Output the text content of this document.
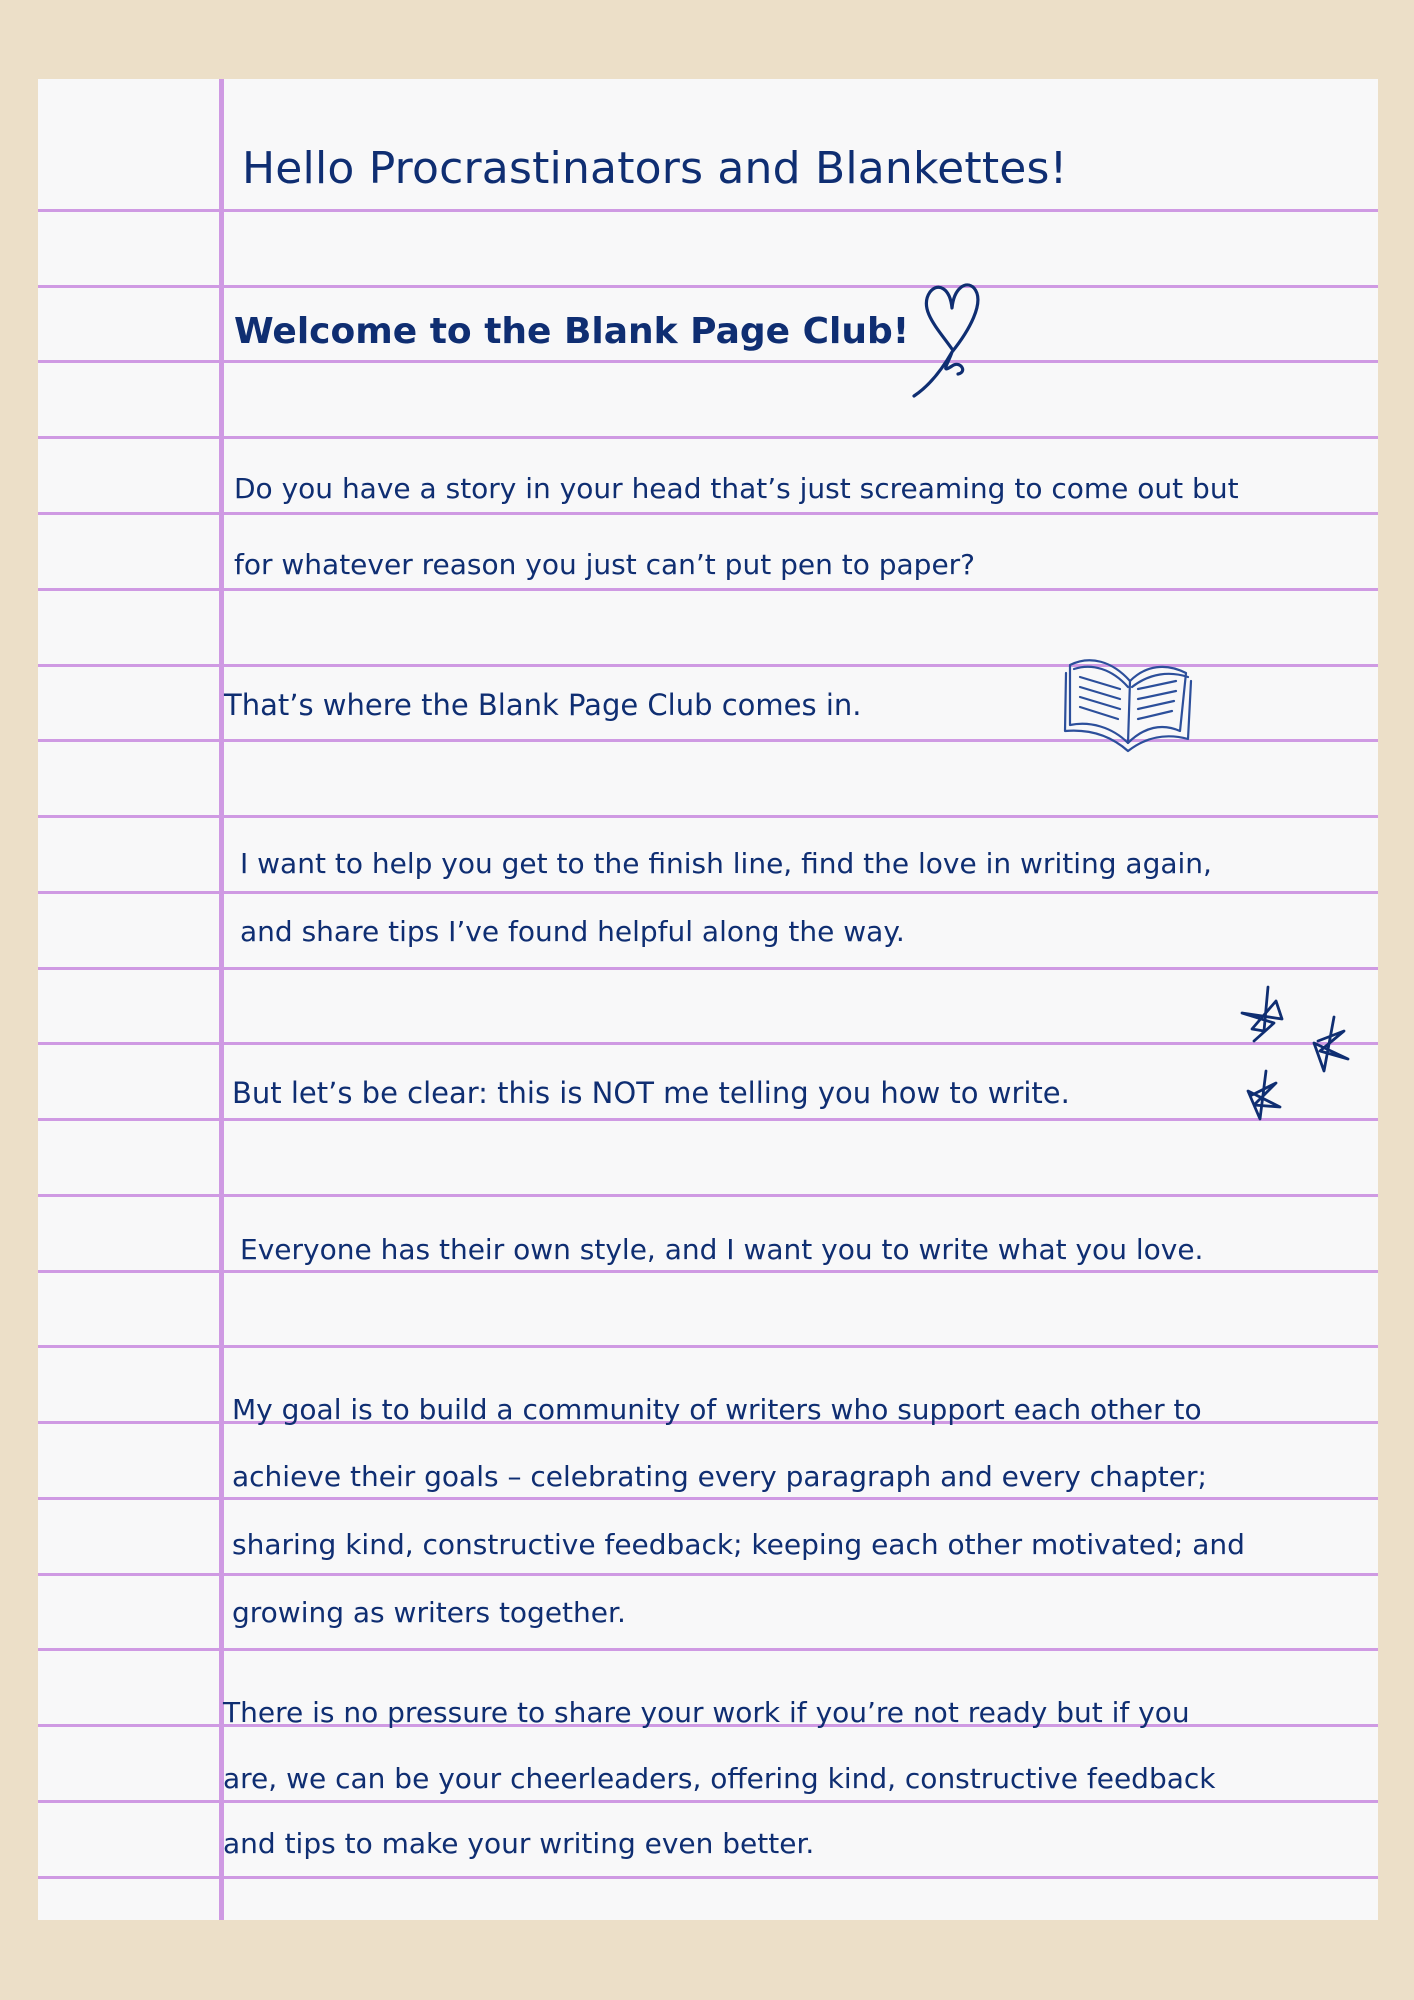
Hello Procrastinators and Blankettes!
Welcome to the Blank Page Club!
Do you have a story in your head that’s just screaming to come out but
for whatever reason you just can’t put pen to paper?
That’s where the Blank Page Club comes in.
I want to help you get to the finish line, find the love in writing again,
and share tips I’ve found helpful along the way.
But let’s be clear: this is NOT me telling you how to write.
Everyone has their own style, and I want you to write what you love.
My goal is to build a community of writers who support each other to
achieve their goals – celebrating every paragraph and every chapter;
sharing kind, constructive feedback; keeping each other motivated; and
growing as writers together.
There is no pressure to share your work if you’re not ready but if you
are, we can be your cheerleaders, offering kind, constructive feedback
and tips to make your writing even better.
